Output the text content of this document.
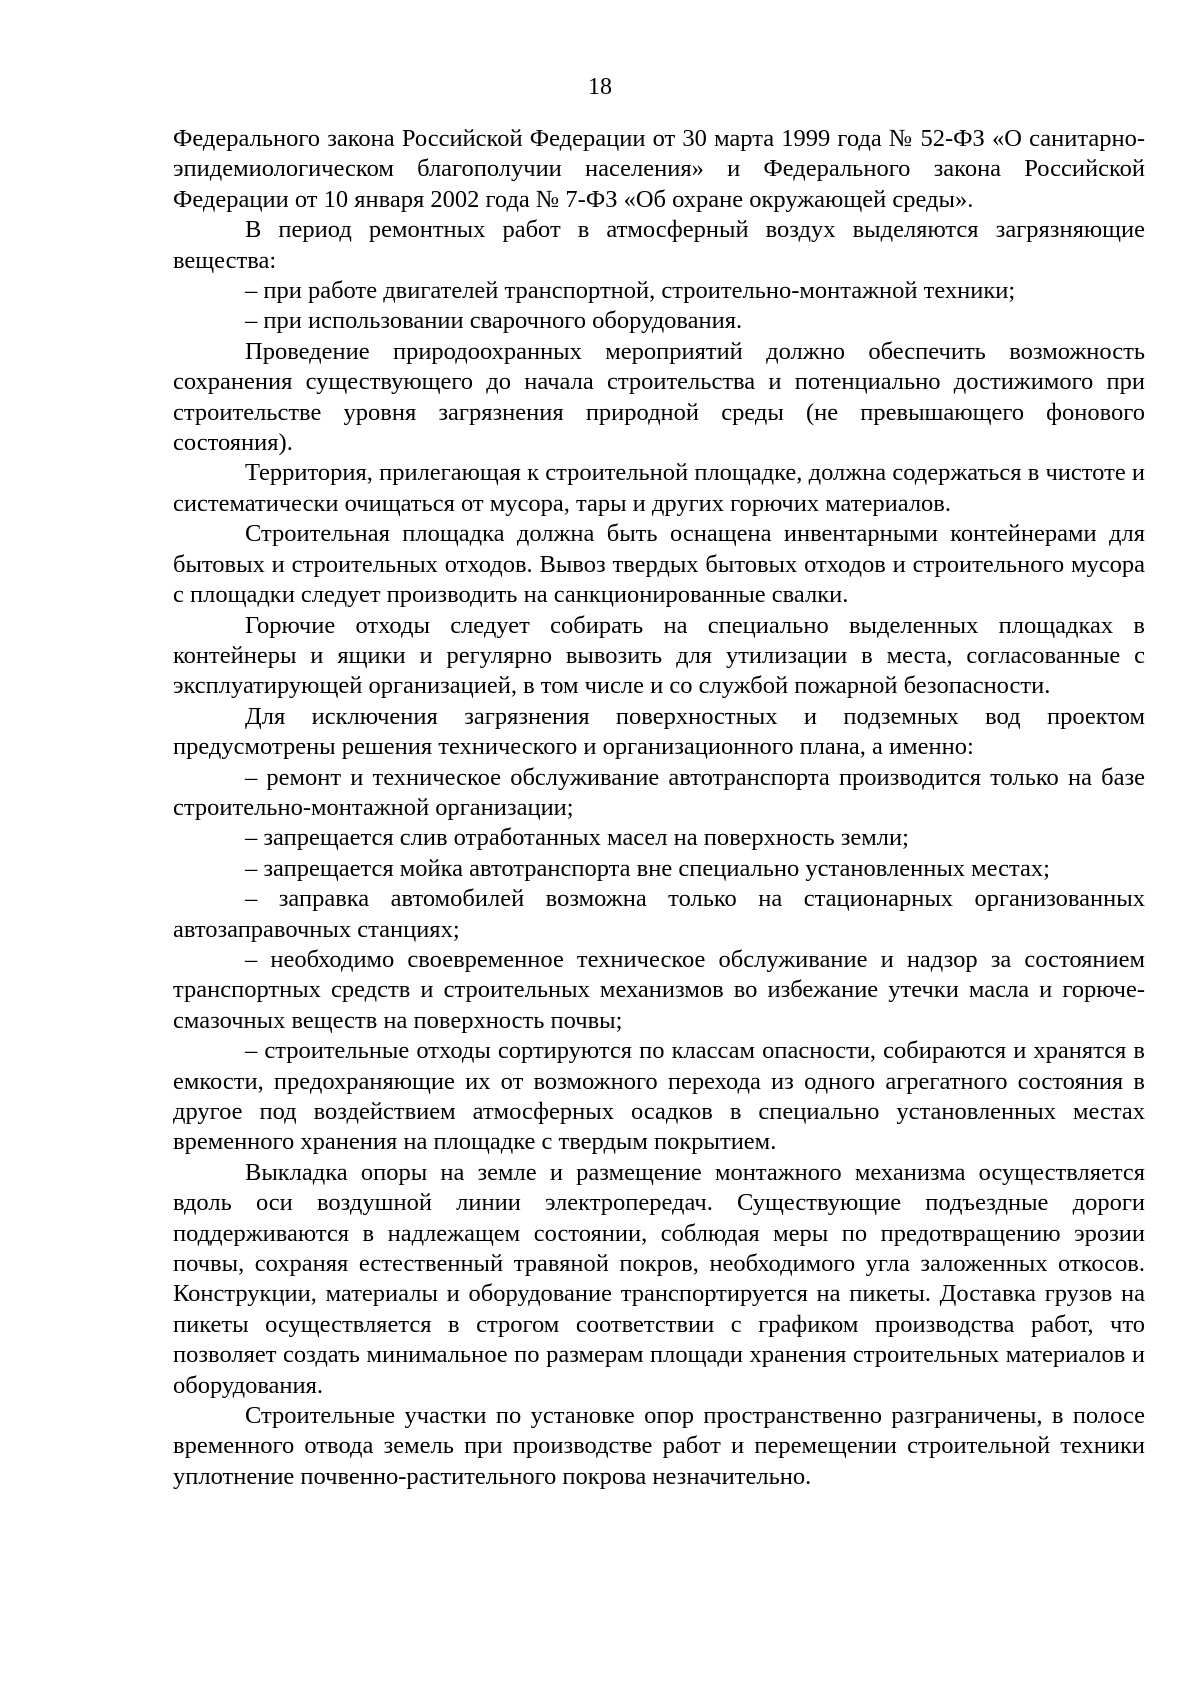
18

Федерального закона Российской Федерации от 30 марта 1999 года № 52-ФЗ «О санитарно-эпидемиологическом благополучии населения» и Федерального закона Российской Федерации от 10 января 2002 года № 7-ФЗ «Об охране окружающей среды».

В период ремонтных работ в атмосферный воздух выделяются загрязняющие вещества:

– при работе двигателей транспортной, строительно-монтажной техники;

– при использовании сварочного оборудования.

Проведение природоохранных мероприятий должно обеспечить возможность сохранения существующего до начала строительства и потенциально достижимого при строительстве уровня загрязнения природной среды (не превышающего фонового состояния).

Территория, прилегающая к строительной площадке, должна содержаться в чистоте и систематически очищаться от мусора, тары и других горючих материалов.

Строительная площадка должна быть оснащена инвентарными контейнерами для бытовых и строительных отходов. Вывоз твердых бытовых отходов и строительного мусора с площадки следует производить на санкционированные свалки.

Горючие отходы следует собирать на специально выделенных площадках в контейнеры и ящики и регулярно вывозить для утилизации в места, согласованные с эксплуатирующей организацией, в том числе и со службой пожарной безопасности.

Для исключения загрязнения поверхностных и подземных вод проектом предусмотрены решения технического и организационного плана, а именно:

– ремонт и техническое обслуживание автотранспорта производится только на базе строительно-монтажной организации;

– запрещается слив отработанных масел на поверхность земли;

– запрещается мойка автотранспорта вне специально установленных местах;

– заправка автомобилей возможна только на стационарных организованных автозаправочных станциях;

– необходимо своевременное техническое обслуживание и надзор за состоянием транспортных средств и строительных механизмов во избежание утечки масла и горюче-смазочных веществ на поверхность почвы;

– строительные отходы сортируются по классам опасности, собираются и хранятся в емкости, предохраняющие их от возможного перехода из одного агрегатного состояния в другое под воздействием атмосферных осадков в специально установленных местах временного хранения на площадке с твердым покрытием.

Выкладка опоры на земле и размещение монтажного механизма осуществляется вдоль оси воздушной линии электропередач. Существующие подъездные дороги поддерживаются в надлежащем состоянии, соблюдая меры по предотвращению эрозии почвы, сохраняя естественный травяной покров, необходимого угла заложенных откосов. Конструкции, материалы и оборудование транспортируется на пикеты. Доставка грузов на пикеты осуществляется в строгом соответствии с графиком производства работ, что позволяет создать минимальное по размерам площади хранения строительных материалов и оборудования.

Строительные участки по установке опор пространственно разграничены, в полосе временного отвода земель при производстве работ и перемещении строительной техники уплотнение почвенно-растительного покрова незначительно.
